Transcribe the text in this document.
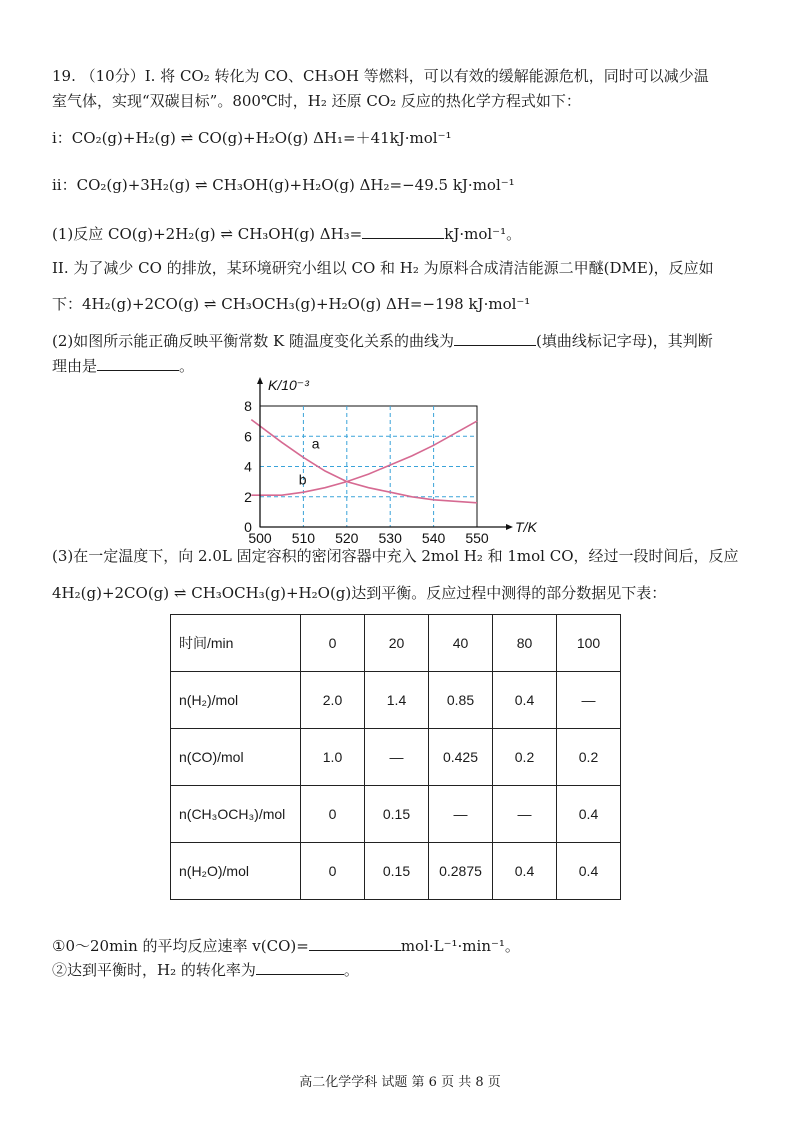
19. （10分）I. 将 CO₂ 转化为 CO、CH₃OH 等燃料，可以有效的缓解能源危机，同时可以减少温
室气体，实现“双碳目标”。800℃时，H₂ 还原 CO₂ 反应的热化学方程式如下：
i：CO₂(g)+H₂(g) ⇌ CO(g)+H₂O(g) ΔH₁=＋41kJ·mol⁻¹
ii：CO₂(g)+3H₂(g) ⇌ CH₃OH(g)+H₂O(g) ΔH₂=−49.5 kJ·mol⁻¹
(1)反应 CO(g)+2H₂(g) ⇌ CH₃OH(g) ΔH₃=	kJ·mol⁻¹。
II. 为了减少 CO 的排放，某环境研究小组以 CO 和 H₂ 为原料合成清洁能源二甲醚(DME)，反应如
下：4H₂(g)+2CO(g) ⇌ CH₃OCH₃(g)+H₂O(g) ΔH=−198 kJ·mol⁻¹
(2)如图所示能正确反映平衡常数 K 随温度变化关系的曲线为	(填曲线标记字母)，其判断
理由是	。
a
b
500 510 520 530 540 550
0
2
4
6
8
K/10⁻³
T/K
(3)在一定温度下，向 2.0L 固定容积的密闭容器中充入 2mol H₂ 和 1mol CO，经过一段时间后，反应
4H₂(g)+2CO(g) ⇌ CH₃OCH₃(g)+H₂O(g)达到平衡。反应过程中测得的部分数据见下表：
时间/min	0	20	40	80	100
n(H₂)/mol	2.0	1.4	0.85	0.4	—
n(CO)/mol	1.0	—	0.425	0.2	0.2
n(CH₃OCH₃)/mol	0	0.15	—	—	0.4
n(H₂O)/mol	0	0.15	0.2875	0.4	0.4
①0～20min 的平均反应速率 v(CO)=	mol·L⁻¹·min⁻¹。
②达到平衡时，H₂ 的转化率为	。
高二化学学科 试题 第 6 页 共 8 页
